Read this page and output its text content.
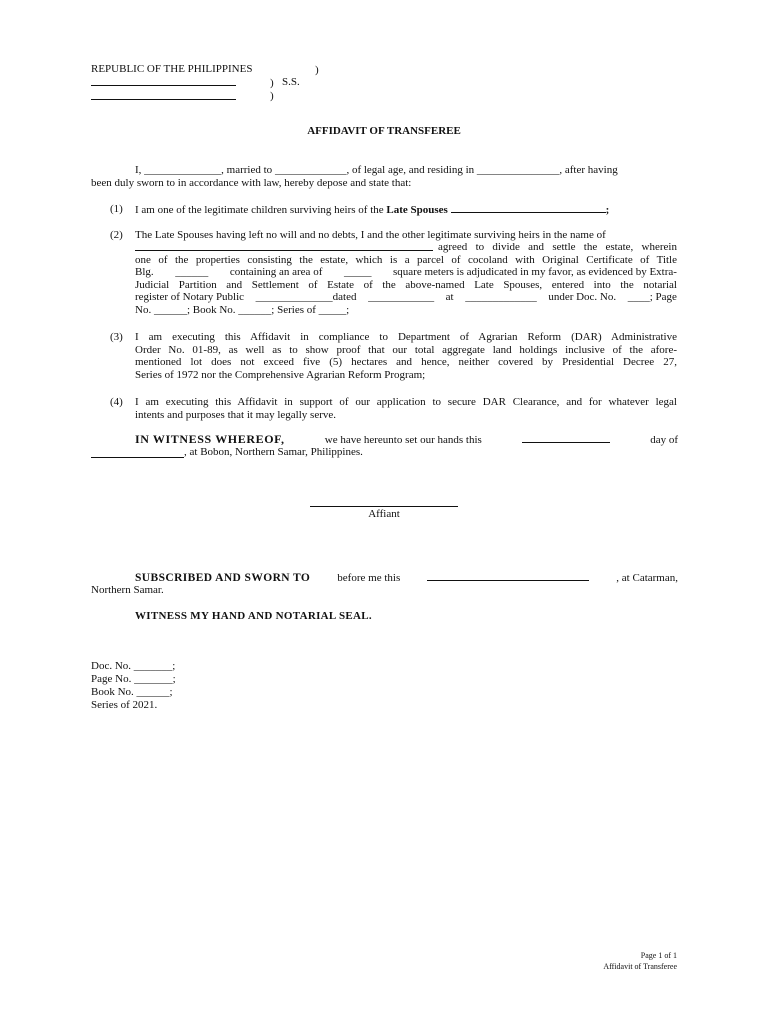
REPUBLIC OF THE PHILIPPINES	)
) S.S.
)
AFFIDAVIT OF TRANSFEREE
I, ______________, married to _____________, of legal age, and residing in _______________, after having
been duly sworn to in accordance with law, hereby depose and state that:
(1) I am one of the legitimate children surviving heirs of the Late Spouses	;
(2) The Late Spouses having left no will and no debts, I and the other legitimate surviving heirs in the name of
agreed to divide and settle the estate, wherein
one of the properties consisting the estate, which is a parcel of cocoland with Original Certificate of Title
Blg. ______ containing an area of _____ square meters is adjudicated in my favor, as evidenced by Extra-
Judicial Partition and Settlement of Estate of the above-named Late Spouses, entered into the notarial
register of Notary Public ______________dated ____________ at _____________ under Doc. No. ____; Page
No. ______; Book No. ______; Series of _____;
(3) I am executing this Affidavit in compliance to Department of Agrarian Reform (DAR) Administrative
Order No. 01-89, as well as to show proof that our total aggregate land holdings inclusive of the afore-
mentioned lot does not exceed five (5) hectares and hence, neither covered by Presidential Decree 27,
Series of 1972 nor the Comprehensive Agrarian Reform Program;
(4) I am executing this Affidavit in support of our application to secure DAR Clearance, and for whatever legal
intents and purposes that it may legally serve.
IN WITNESS WHEREOF,	we have hereunto set our hands this	day of
, at Bobon, Northern Samar, Philippines.
Affiant
SUBSCRIBED AND SWORN TO before me this	, at Catarman,
Northern Samar.
WITNESS MY HAND AND NOTARIAL SEAL.
Doc. No. _______;
Page No. _______;
Book No. ______;
Series of 2021.
Page 1 of 1
Affidavit of Transferee
